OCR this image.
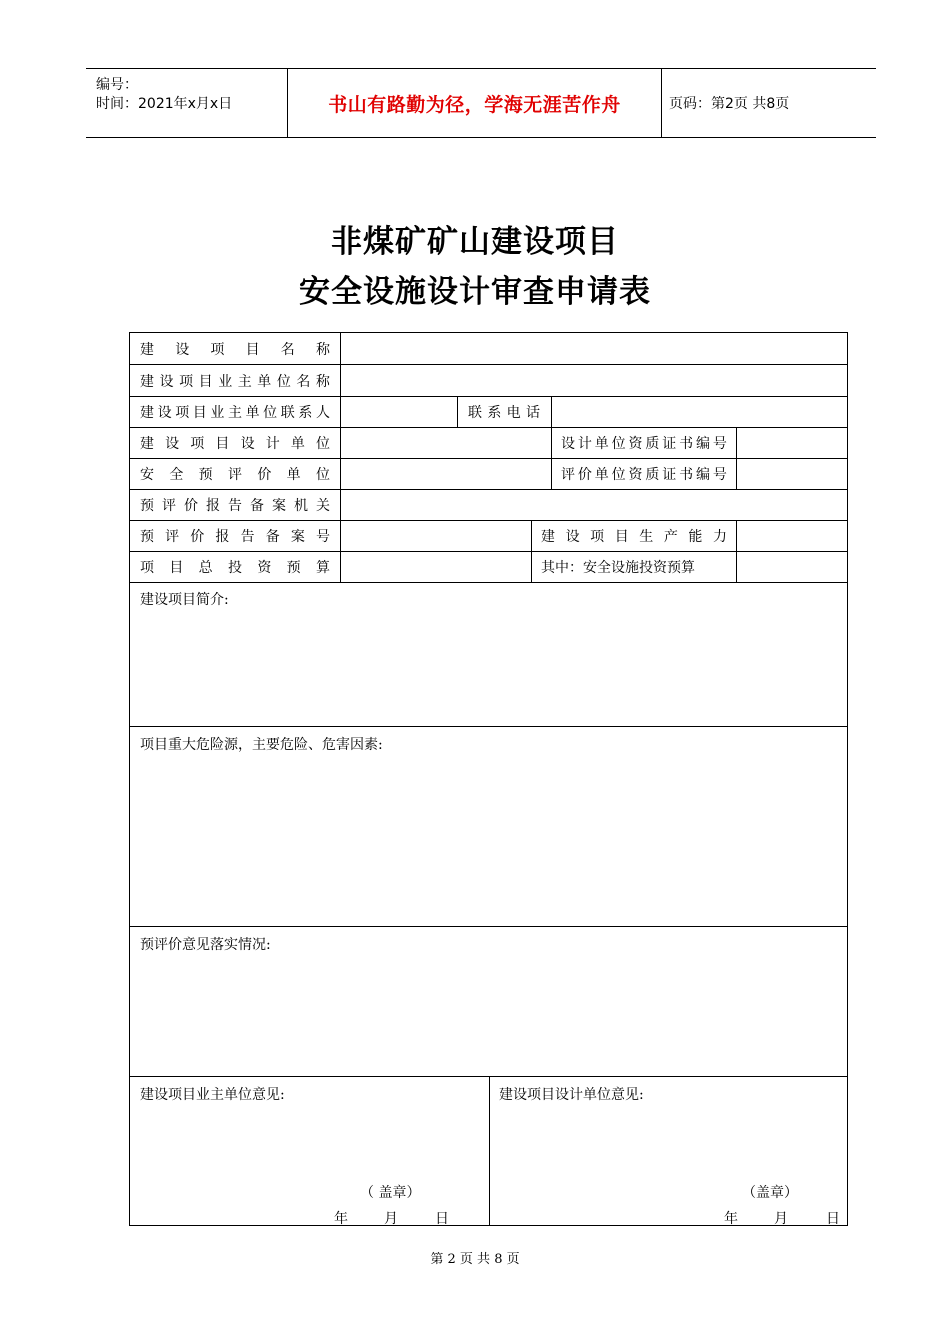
编号：
时间：2021年x月x日	书山有路勤为径，学海无涯苦作舟	页码：第2页 共8页
非煤矿矿山建设项目
安全设施设计审查申请表
建 设 项 目 名 称
建 设 项 目 业 主 单 位 名 称
建 设 项 目 业 主 单 位 联 系 人	联 系 电 话
建 设 项 目 设 计 单 位	设 计 单 位 资 质 证 书 编 号
安 全 预 评 价 单 位	评 价 单 位 资 质 证 书 编 号
预 评 价 报 告 备 案 机 关
预 评 价 报 告 备 案 号	建 设 项 目 生 产 能 力
项 目 总 投 资 预 算	其中：安全设施投资预算
建设项目简介:
项目重大危险源，主要危险、危害因素:
预评价意见落实情况:
建设项目业主单位意见:	建设项目设计单位意见:
（ 盖章）
年	月	日
（盖章）
年	月	日
第 2 页 共 8 页
